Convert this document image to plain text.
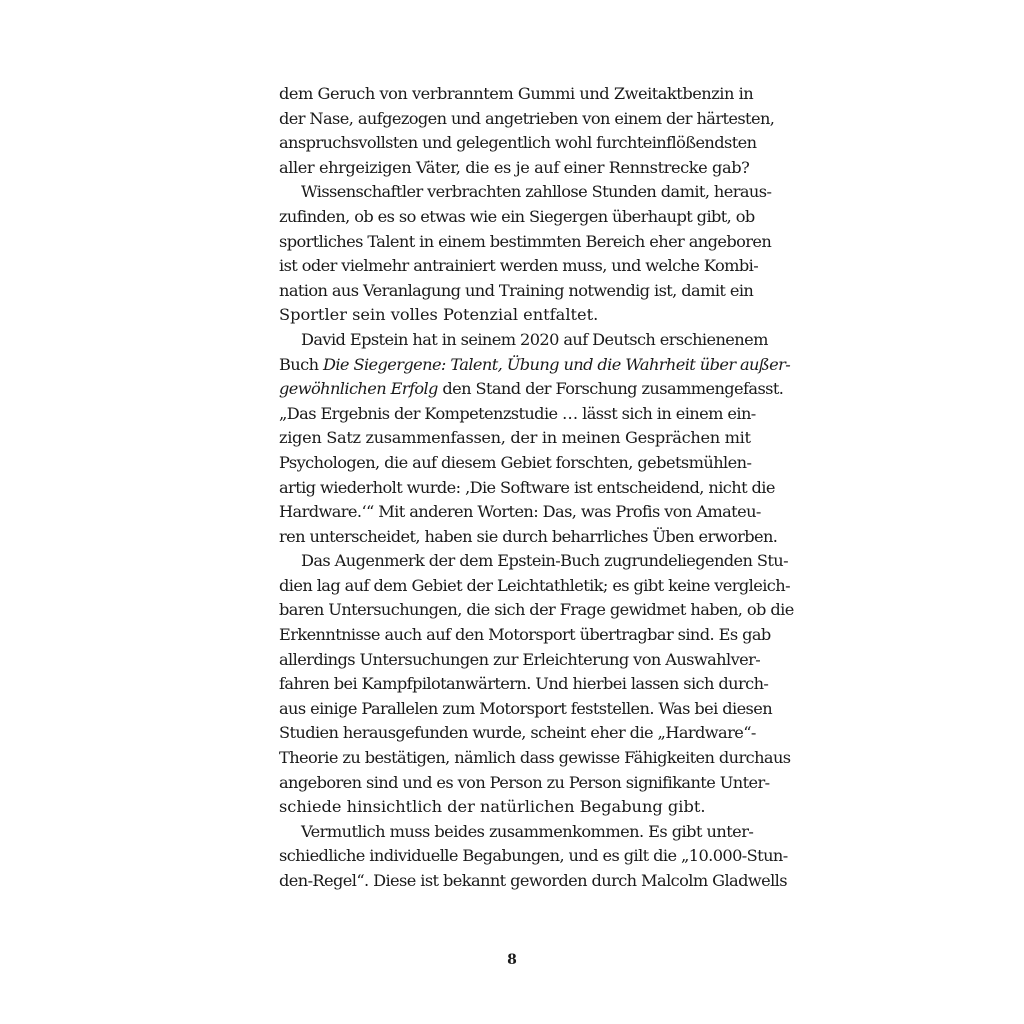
dem Geruch von verbranntem Gummi und Zweitaktbenzin in
der Nase, aufgezogen und angetrieben von einem der härtesten,
anspruchsvollsten und gelegentlich wohl furchteinflößendsten
aller ehrgeizigen Väter, die es je auf einer Rennstrecke gab?
Wissenschaftler verbrachten zahllose Stunden damit, heraus-
zufinden, ob es so etwas wie ein Siegergen überhaupt gibt, ob
sportliches Talent in einem bestimmten Bereich eher angeboren
ist oder vielmehr antrainiert werden muss, und welche Kombi-
nation aus Veranlagung und Training notwendig ist, damit ein
Sportler sein volles Potenzial entfaltet.
David Epstein hat in seinem 2020 auf Deutsch erschienenem
Buch Die Siegergene: Talent, Übung und die Wahrheit über außer-
gewöhnlichen Erfolg den Stand der Forschung zusammengefasst.
„Das Ergebnis der Kompetenzstudie … lässt sich in einem ein-
zigen Satz zusammenfassen, der in meinen Gesprächen mit
Psychologen, die auf diesem Gebiet forschten, gebetsmühlen-
artig wiederholt wurde: ‚Die Software ist entscheidend, nicht die
Hardware.‘“ Mit anderen Worten: Das, was Profis von Amateu-
ren unterscheidet, haben sie durch beharrliches Üben erworben.
Das Augenmerk der dem Epstein-Buch zugrundeliegenden Stu-
dien lag auf dem Gebiet der Leichtathletik; es gibt keine vergleich-
baren Untersuchungen, die sich der Frage gewidmet haben, ob die
Erkenntnisse auch auf den Motorsport übertragbar sind. Es gab
allerdings Untersuchungen zur Erleichterung von Auswahlver-
fahren bei Kampfpilotanwärtern. Und hierbei lassen sich durch-
aus einige Parallelen zum Motorsport feststellen. Was bei diesen
Studien herausgefunden wurde, scheint eher die „Hardware“-
Theorie zu bestätigen, nämlich dass gewisse Fähigkeiten durchaus
angeboren sind und es von Person zu Person signifikante Unter-
schiede hinsichtlich der natürlichen Begabung gibt.
Vermutlich muss beides zusammenkommen. Es gibt unter-
schiedliche individuelle Begabungen, und es gilt die „10.000-Stun-
den-Regel“. Diese ist bekannt geworden durch Malcolm Gladwells
8
